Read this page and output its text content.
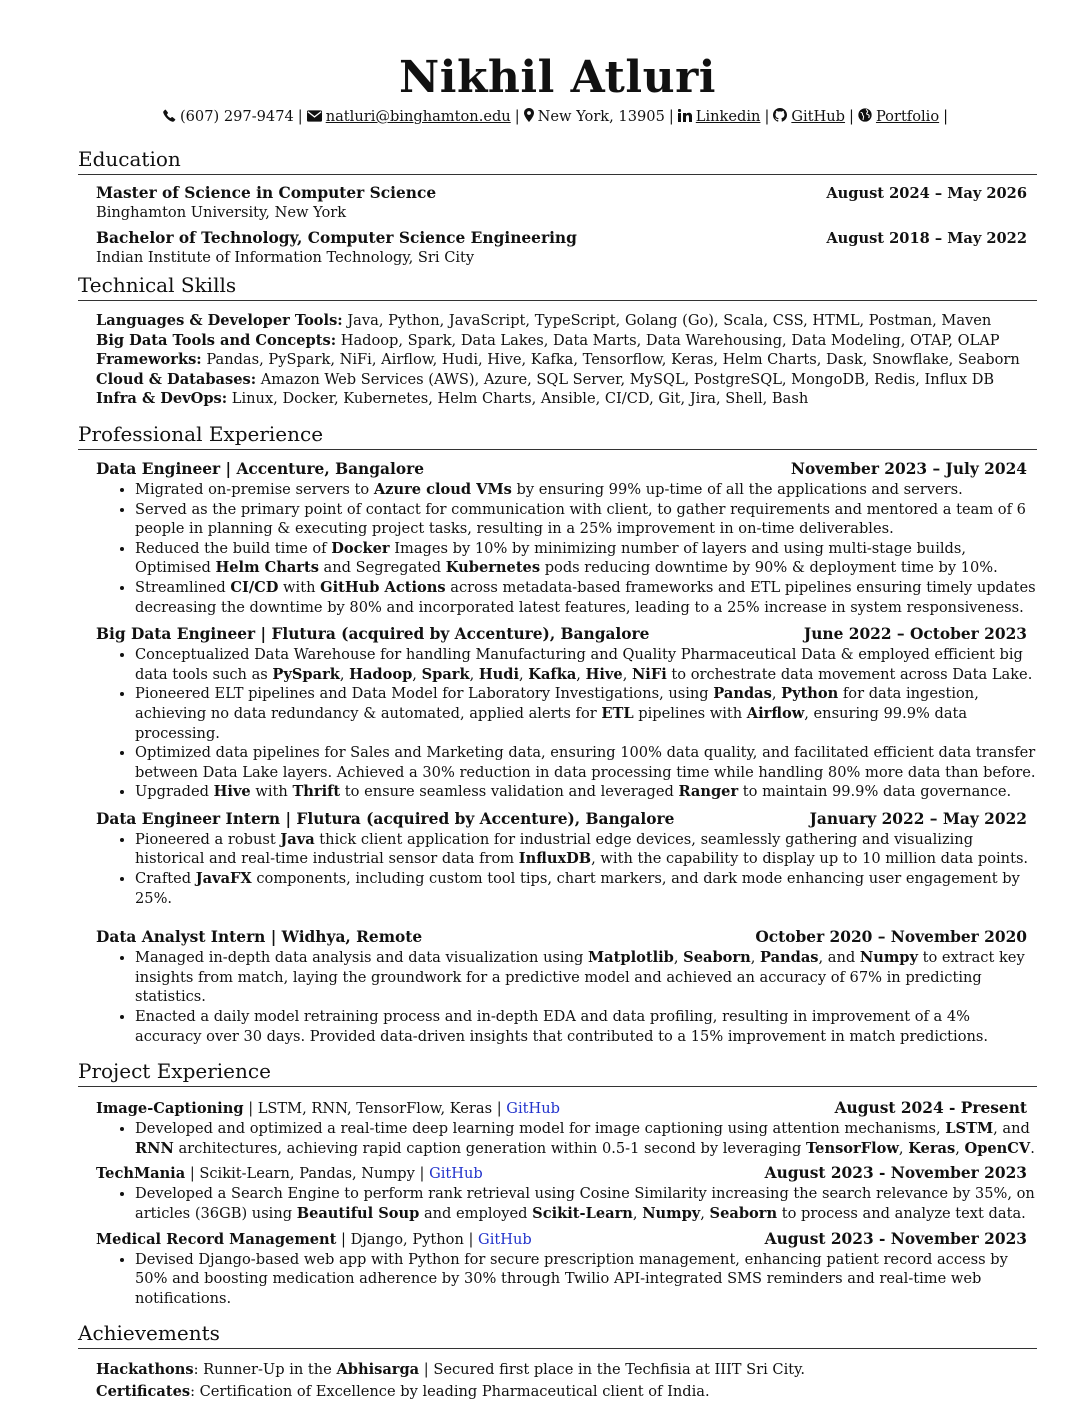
Nikhil Atluri
(607) 297-9474 | natluri@binghamton.edu | New York, 13905 | Linkedin | GitHub | Portfolio |
Education
Master of Science in Computer Science	August 2024 – May 2026
Binghamton University, New York
Bachelor of Technology, Computer Science Engineering	August 2018 – May 2022
Indian Institute of Information Technology, Sri City
Technical Skills
Languages & Developer Tools: Java, Python, JavaScript, TypeScript, Golang (Go), Scala, CSS, HTML, Postman, Maven
Big Data Tools and Concepts: Hadoop, Spark, Data Lakes, Data Marts, Data Warehousing, Data Modeling, OTAP, OLAP
Frameworks: Pandas, PySpark, NiFi, Airflow, Hudi, Hive, Kafka, Tensorflow, Keras, Helm Charts, Dask, Snowflake, Seaborn
Cloud & Databases: Amazon Web Services (AWS), Azure, SQL Server, MySQL, PostgreSQL, MongoDB, Redis, Influx DB
Infra & DevOps: Linux, Docker, Kubernetes, Helm Charts, Ansible, CI/CD, Git, Jira, Shell, Bash
Professional Experience
Data Engineer | Accenture, Bangalore	November 2023 – July 2024
• Migrated on-premise servers to Azure cloud VMs by ensuring 99% up-time of all the applications and servers.
• Served as the primary point of contact for communication with client, to gather requirements and mentored a team of 6 people in planning & executing project tasks, resulting in a 25% improvement in on-time deliverables.
• Reduced the build time of Docker Images by 10% by minimizing number of layers and using multi-stage builds, Optimised Helm Charts and Segregated Kubernetes pods reducing downtime by 90% & deployment time by 10%.
• Streamlined CI/CD with GitHub Actions across metadata-based frameworks and ETL pipelines ensuring timely updates decreasing the downtime by 80% and incorporated latest features, leading to a 25% increase in system responsiveness.
Big Data Engineer | Flutura (acquired by Accenture), Bangalore	June 2022 – October 2023
• Conceptualized Data Warehouse for handling Manufacturing and Quality Pharmaceutical Data & employed efficient big data tools such as PySpark, Hadoop, Spark, Hudi, Kafka, Hive, NiFi to orchestrate data movement across Data Lake.
• Pioneered ELT pipelines and Data Model for Laboratory Investigations, using Pandas, Python for data ingestion, achieving no data redundancy & automated, applied alerts for ETL pipelines with Airflow, ensuring 99.9% data processing.
• Optimized data pipelines for Sales and Marketing data, ensuring 100% data quality, and facilitated efficient data transfer between Data Lake layers. Achieved a 30% reduction in data processing time while handling 80% more data than before.
• Upgraded Hive with Thrift to ensure seamless validation and leveraged Ranger to maintain 99.9% data governance.
Data Engineer Intern | Flutura (acquired by Accenture), Bangalore	January 2022 – May 2022
• Pioneered a robust Java thick client application for industrial edge devices, seamlessly gathering and visualizing historical and real-time industrial sensor data from InfluxDB, with the capability to display up to 10 million data points.
• Crafted JavaFX components, including custom tool tips, chart markers, and dark mode enhancing user engagement by 25%.
Data Analyst Intern | Widhya, Remote	October 2020 – November 2020
• Managed in-depth data analysis and data visualization using Matplotlib, Seaborn, Pandas, and Numpy to extract key insights from match, laying the groundwork for a predictive model and achieved an accuracy of 67% in predicting statistics.
• Enacted a daily model retraining process and in-depth EDA and data profiling, resulting in improvement of a 4% accuracy over 30 days. Provided data-driven insights that contributed to a 15% improvement in match predictions.
Project Experience
Image-Captioning | LSTM, RNN, TensorFlow, Keras | GitHub	August 2024 - Present
• Developed and optimized a real-time deep learning model for image captioning using attention mechanisms, LSTM, and RNN architectures, achieving rapid caption generation within 0.5-1 second by leveraging TensorFlow, Keras, OpenCV.
TechMania | Scikit-Learn, Pandas, Numpy | GitHub	August 2023 - November 2023
• Developed a Search Engine to perform rank retrieval using Cosine Similarity increasing the search relevance by 35%, on articles (36GB) using Beautiful Soup and employed Scikit-Learn, Numpy, Seaborn to process and analyze text data.
Medical Record Management | Django, Python | GitHub	August 2023 - November 2023
• Devised Django-based web app with Python for secure prescription management, enhancing patient record access by 50% and boosting medication adherence by 30% through Twilio API-integrated SMS reminders and real-time web notifications.
Achievements
Hackathons: Runner-Up in the Abhisarga | Secured first place in the Techfisia at IIIT Sri City.
Certificates: Certification of Excellence by leading Pharmaceutical client of India.
